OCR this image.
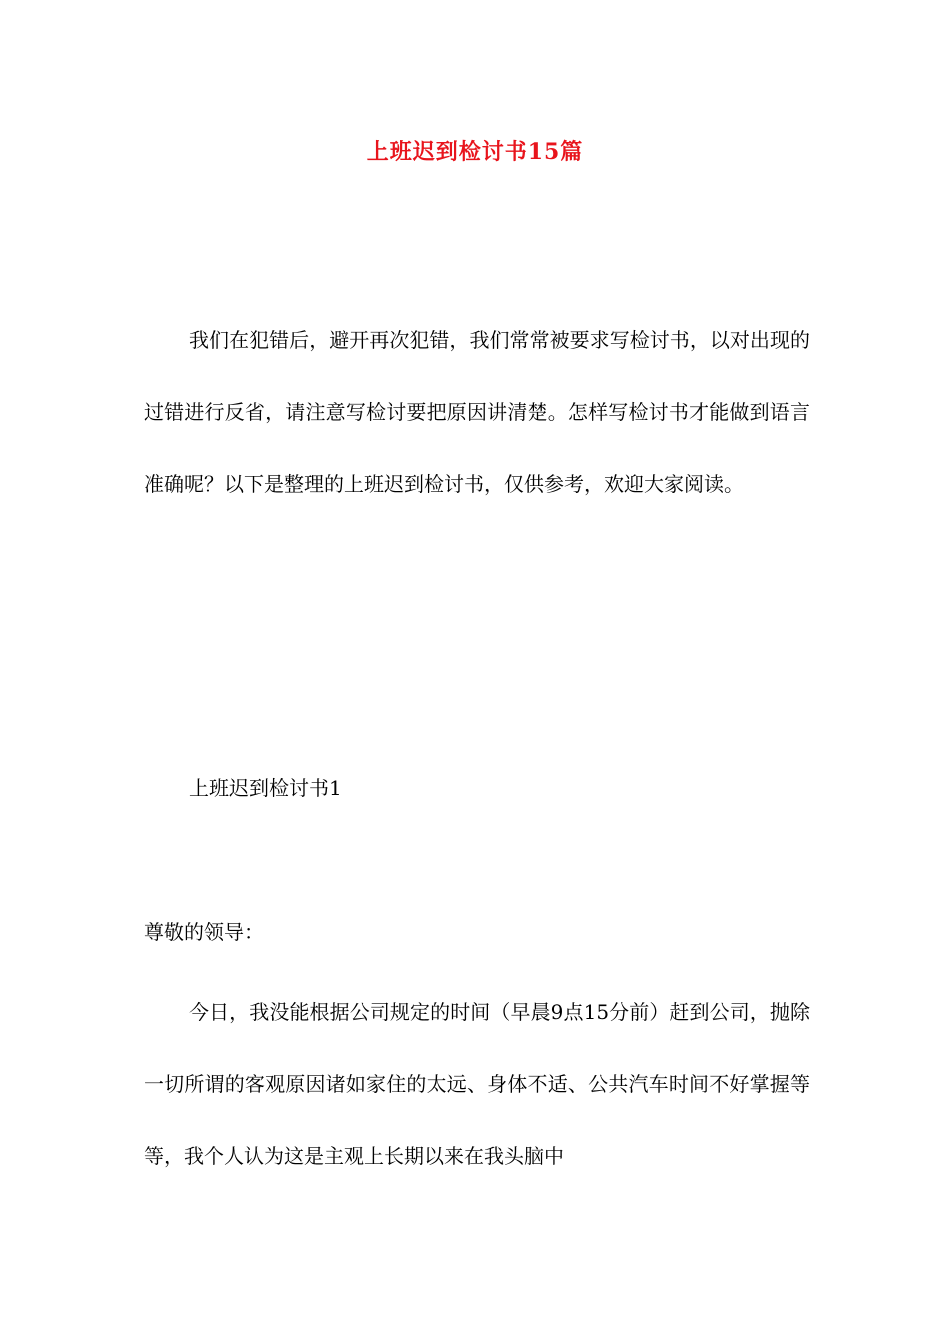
上班迟到检讨书15篇
我们在犯错后，避开再次犯错，我们常常被要求写检讨书，以对出现的过错进行反省，请注意写检讨要把原因讲清楚。怎样写检讨书才能做到语言准确呢？以下是整理的上班迟到检讨书，仅供参考，欢迎大家阅读。
上班迟到检讨书1
尊敬的领导：
今日，我没能根据公司规定的时间（早晨9点15分前）赶到公司，抛除一切所谓的客观原因诸如家住的太远、身体不适、公共汽车时间不好掌握等等，我个人认为这是主观上长期以来在我头脑中
